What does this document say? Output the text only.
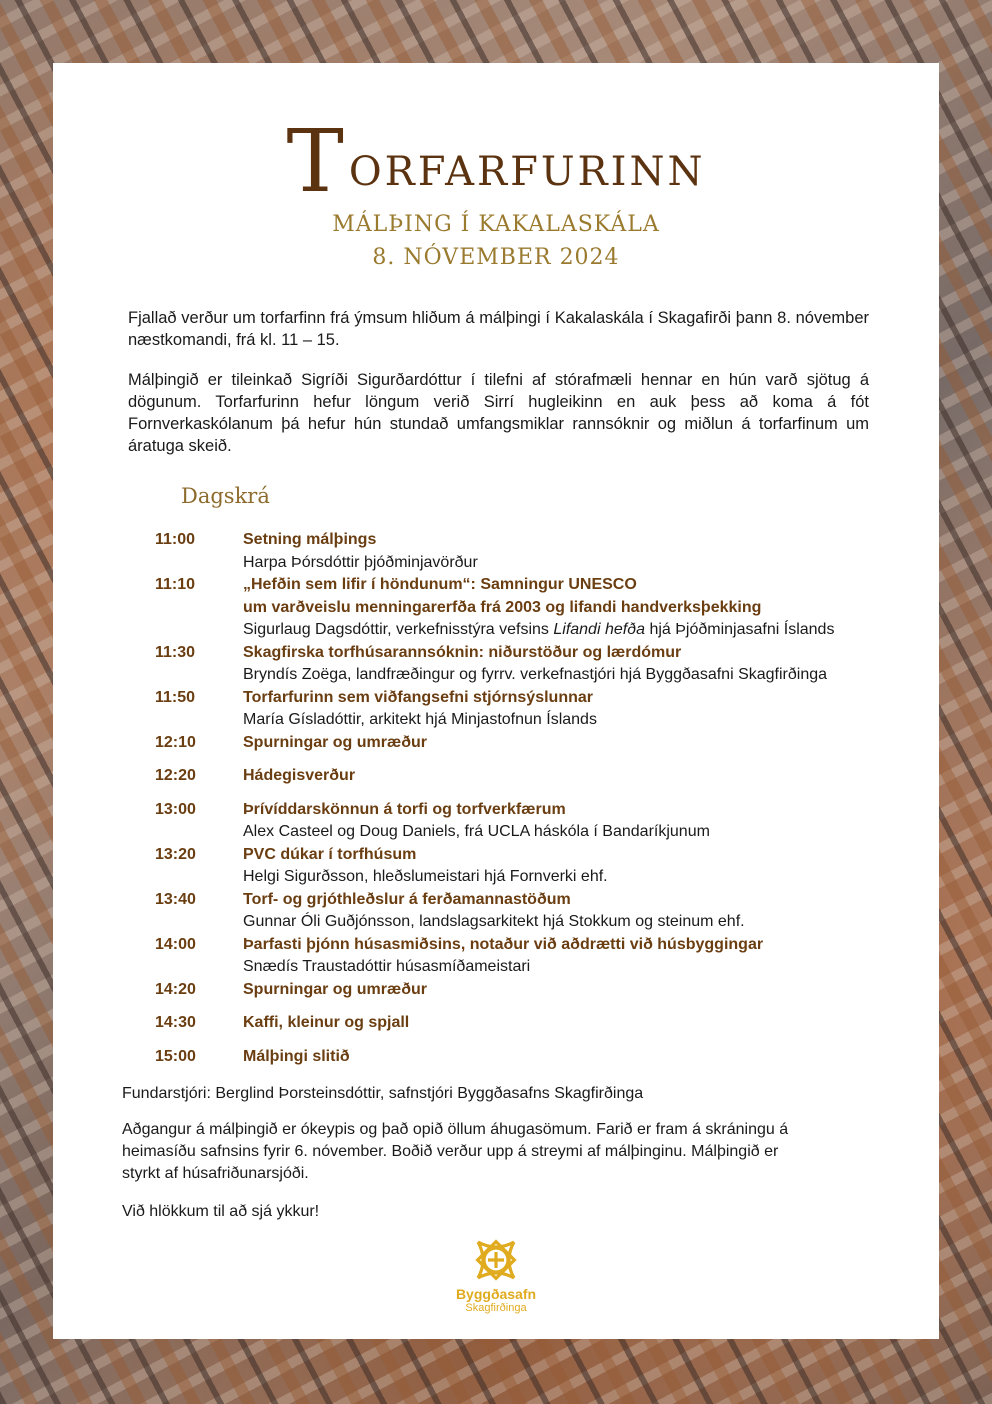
TORFARFURINN
MÁLÞING Í KAKALASKÁLA
8. NÓVEMBER 2024

Fjallað verður um torfarfinn frá ýmsum hliðum á málþingi í Kakalaskála í Skagafirði þann 8. nóvember næstkomandi, frá kl. 11 – 15.

Málþingið er tileinkað Sigríði Sigurðardóttur í tilefni af stórafmæli hennar en hún varð sjötug á dögunum. Torfarfurinn hefur löngum verið Sirrí hugleikinn en auk þess að koma á fót Fornverkaskólanum þá hefur hún stundað umfangsmiklar rannsóknir og miðlun á torfarfinum um áratuga skeið.

Dagskrá
11:00	Setning málþings
Harpa Þórsdóttir þjóðminjavörður
11:10	„Hefðin sem lifir í höndunum“: Samningur UNESCO
um varðveislu menningarerfða frá 2003 og lifandi handverksþekking
Sigurlaug Dagsdóttir, verkefnisstýra vefsins Lifandi hefða hjá Þjóðminjasafni Íslands
11:30	Skagfirska torfhúsarannsóknin: niðurstöður og lærdómur
Bryndís Zoëga, landfræðingur og fyrrv. verkefnastjóri hjá Byggðasafni Skagfirðinga
11:50	Torfarfurinn sem viðfangsefni stjórnsýslunnar
María Gísladóttir, arkitekt hjá Minjastofnun Íslands
12:10	Spurningar og umræður
12:20	Hádegisverður
13:00	Þrívíddarskönnun á torfi og torfverkfærum
Alex Casteel og Doug Daniels, frá UCLA háskóla í Bandaríkjunum
13:20	PVC dúkar í torfhúsum
Helgi Sigurðsson, hleðslumeistari hjá Fornverki ehf.
13:40	Torf- og grjóthleðslur á ferðamannastöðum
Gunnar Óli Guðjónsson, landslagsarkitekt hjá Stokkum og steinum ehf.
14:00	Þarfasti þjónn húsasmiðsins, notaður við aðdrætti við húsbyggingar
Snædís Traustadóttir húsasmíðameistari
14:20	Spurningar og umræður
14:30	Kaffi, kleinur og spjall
15:00	Málþingi slitið

Fundarstjóri: Berglind Þorsteinsdóttir, safnstjóri Byggðasafns Skagfirðinga

Aðgangur á málþingið er ókeypis og það opið öllum áhugasömum. Farið er fram á skráningu á heimasíðu safnsins fyrir 6. nóvember. Boðið verður upp á streymi af málþinginu. Málþingið er styrkt af húsafriðunarsjóði.

Við hlökkum til að sjá ykkur!

Byggðasafn
Skagfirðinga
